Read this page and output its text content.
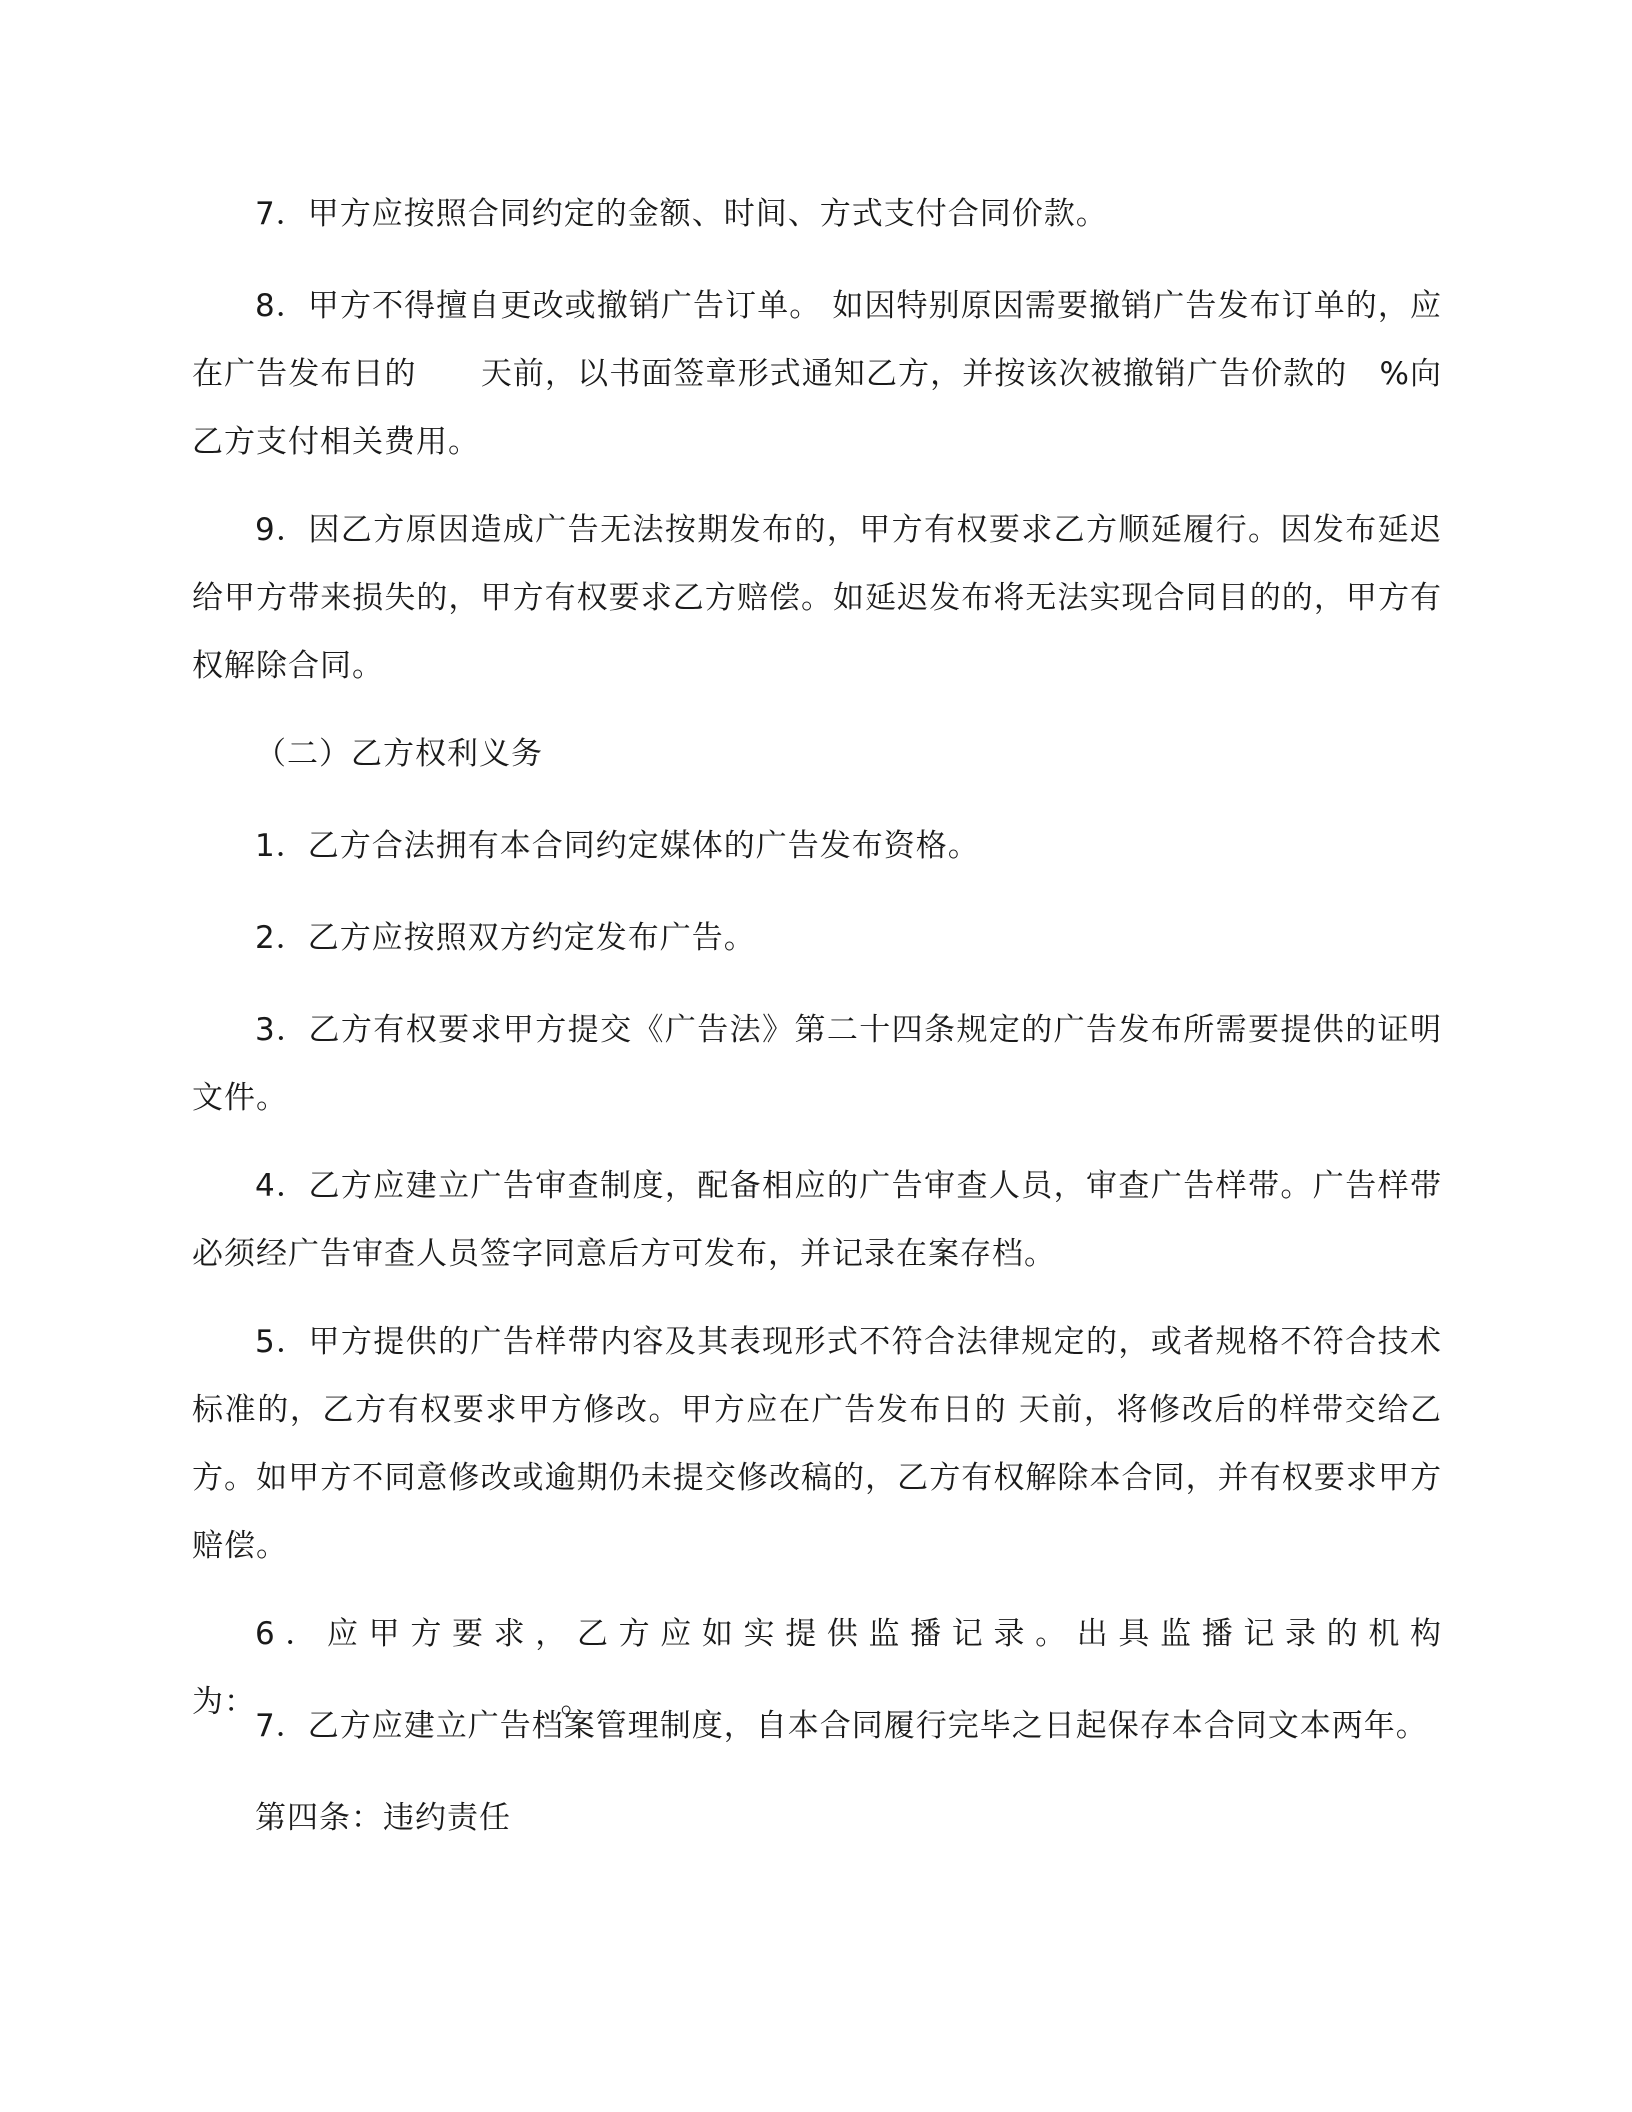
7．甲方应按照合同约定的金额、时间、方式支付合同价款。

8．甲方不得擅自更改或撤销广告订单。 如因特别原因需要撤销广告发布订单的，应在广告发布日的　　天前，以书面签章形式通知乙方，并按该次被撤销广告价款的　%向乙方支付相关费用。

9．因乙方原因造成广告无法按期发布的，甲方有权要求乙方顺延履行。因发布延迟给甲方带来损失的，甲方有权要求乙方赔偿。如延迟发布将无法实现合同目的的，甲方有权解除合同。

（二）乙方权利义务

1．乙方合法拥有本合同约定媒体的广告发布资格。

2．乙方应按照双方约定发布广告。

3．乙方有权要求甲方提交《广告法》第二十四条规定的广告发布所需要提供的证明文件。

4．乙方应建立广告审查制度，配备相应的广告审查人员，审查广告样带。广告样带必须经广告审查人员签字同意后方可发布，并记录在案存档。

5．甲方提供的广告样带内容及其表现形式不符合法律规定的，或者规格不符合技术标准的，乙方有权要求甲方修改。甲方应在广告发布日的 天前，将修改后的样带交给乙方。如甲方不同意修改或逾期仍未提交修改稿的，乙方有权解除本合同，并有权要求甲方赔偿。

6．应甲方要求，乙方应如实提供监播记录。出具监播记录的机构为：　　　　　　　　　　。

7．乙方应建立广告档案管理制度，自本合同履行完毕之日起保存本合同文本两年。

第四条：违约责任
